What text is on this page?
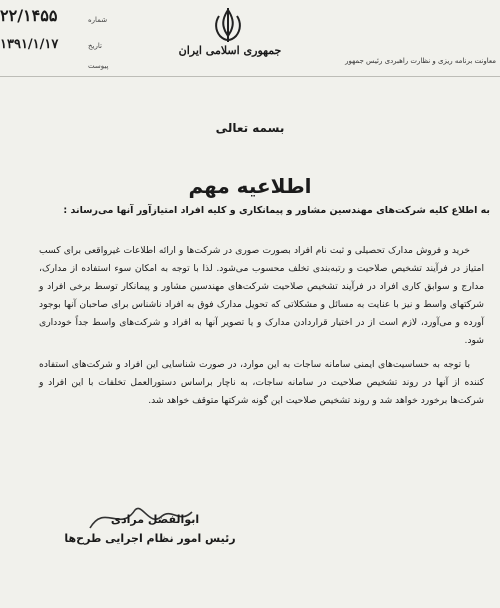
جمهوری اسلامی ایران
۲۲/۱۴۵۵	شماره
۱۳۹۱/۱/۱۷	تاریخ
پیوست
معاونت برنامه ریزی و نظارت راهبردی رئیس جمهور
بسمه تعالی
اطلاعیه مهم
به اطلاع کلیه شرکت‌های مهندسین مشاور و پیمانکاری و کلیه افراد امتیازآور آنها می‌رساند :

خرید و فروش مدارک تحصیلی و ثبت نام افراد بصورت صوری در شرکت‌ها و ارائه اطلاعات غیرواقعی برای کسب امتیاز در فرآیند تشخیص صلاحیت و رتبه‌بندی تخلف محسوب می‌شود. لذا با توجه به امکان سوء استفاده از مدارک، مدارج و سوابق کاری افراد در فرآیند تشخیص صلاحیت شرکت‌های مهندسین مشاور و پیمانکار توسط برخی افراد و شرکتهای واسط و نیز با عنایت به مسائل و مشکلاتی که تحویل مدارک فوق به افراد ناشناس برای صاحبان آنها بوجود آورده و می‌آورد، لازم است از در اختیار قراردادن مدارک و یا تصویر آنها به افراد و شرکت‌های واسط جداً خودداری شود.

با توجه به حساسیت‌های ایمنی سامانه ساجات به این موارد، در صورت شناسایی این افراد و شرکت‌های استفاده کننده از آنها در روند تشخیص صلاحیت در سامانه ساجات، به ناچار براساس دستورالعمل تخلفات با این افراد و شرکت‌ها برخورد خواهد شد و روند تشخیص صلاحیت این گونه شرکتها متوقف خواهد شد.

ابوالفضل مرادی
رئیس امور نظام اجرایی طرح‌ها
